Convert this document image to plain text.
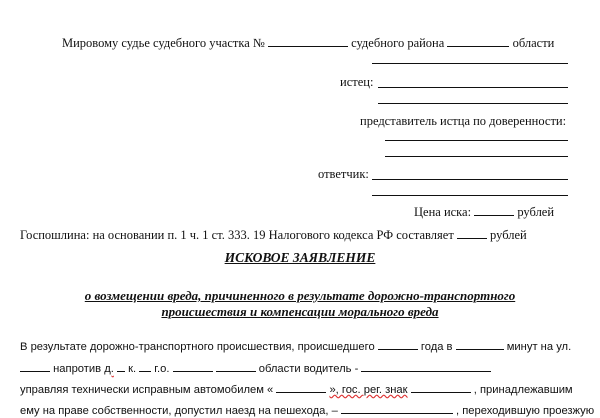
Мировому судье судебного участка №	судебного района	области
истец:
представитель истца по доверенности:
ответчик:
Цена иска:	рублей
Госпошлина: на основании п. 1 ч. 1 ст. 333. 19 Налогового кодекса РФ составляет	рублей
ИСКОВОЕ ЗАЯВЛЕНИЕ
о возмещении вреда, причиненного в результате дорожно-транспортного
происшествия и компенсации морального вреда
В результате дорожно-транспортного происшествия, происшедшего	года в	минут на ул.
напротив д. к. г.о.	области водитель -
управляя технически исправным автомобилем «	», гос. рег. знак	, принадлежавшим
ему на праве собственности, допустил наезд на пешехода, –	, переходившую проезжую
